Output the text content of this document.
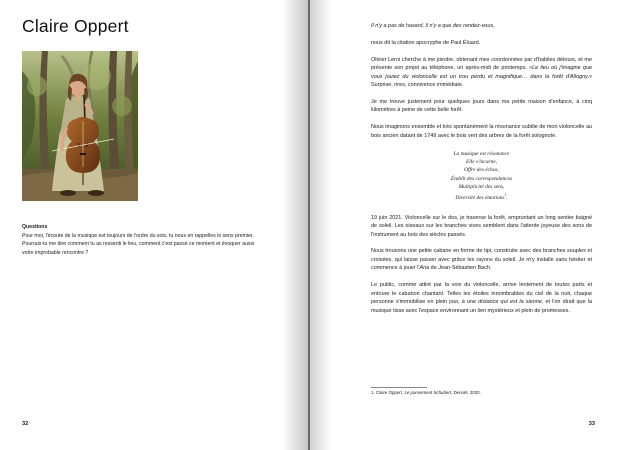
Claire Oppert

Questions

Pour moi, l'écoute de la musique est toujours de l'ordre du sois, tu nous en rappelles le sens premier.

Pourrais-tu me dire comment tu as ressenti le lieu, comment c'est passé ce moment et évoquer aussi votre improbable rencontre ?

32

Il n'y a pas de hasard, il n'y a que des rendez-vous,

nous dit la citation apocryphe de Paul Éluard.

Olivier Leroi cherche à me joindre, obtenant mes coordonnées par d'habiles détours, et me présente son projet au téléphone, un après-midi de printemps. «Le lieu où j'imagine que vous jouiez du violoncelle est un trou perdu et magnifique… dans la forêt d'Allogny.» Surprise, rires, connivence immédiate.

Je me trouve justement pour quelques jours dans ma petite maison d'enfance, à cinq kilomètres à peine de cette belle forêt.

Nous imaginons ensemble et très spontanément la résonance subtile de mon violoncelle au bois ancien datant de 1749 avec le bois vert des arbres de la forêt solognote.

La musique est résonance
Elle s'incarne,
Offre des échos,
Établit des correspondances
Multiplicité des sens,
Diversité des émotions$^1$.

19 juin 2021. Violoncelle sur le dos, je traverse la forêt, empruntant un long sentier baigné de soleil. Les oiseaux sur les branches vives semblent dans l'attente joyeuse des sons de l'instrument au bois des siècles passés.

Nous trouvons une petite cabane en forme de tipi, construite avec des branches souples et croisées, qui laisse passer avec grâce les rayons du soleil. Je m'y installe sans hésiter et commence à jouer l'Aria de Jean-Sébastien Bach.

Le public, comme attiré par la voix du violoncelle, arrive lentement de toutes parts et entoure le cabanon chantant. Telles les étoiles innombrables du ciel de la nuit, chaque personne s'immobilise en plein jour, à une distance qui est la sienne, et l'on dirait que la musique tisse avec l'espace environnant un lien mystérieux et plein de promesses.

1. Claire Oppert, Le pansement Schubert, Denoël, 2020.
33
